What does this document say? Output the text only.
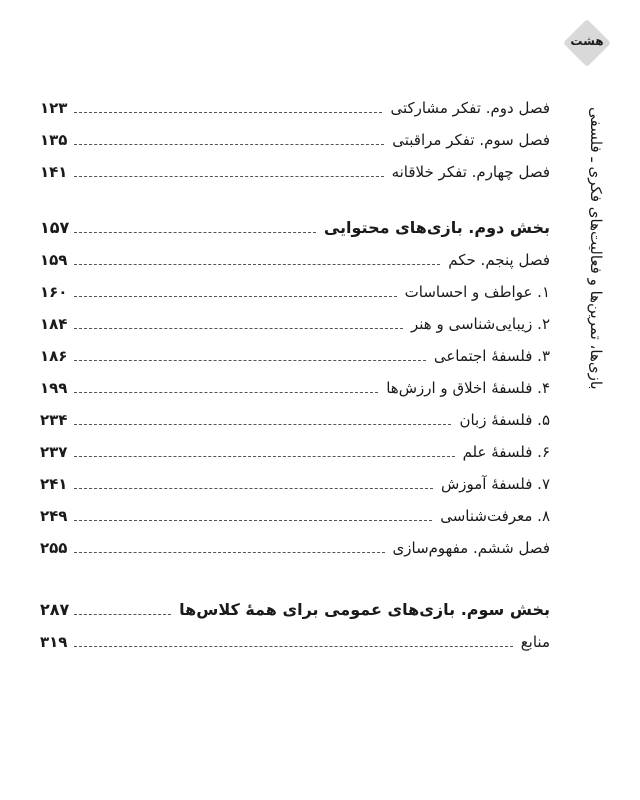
هشت
بازی‌ها، تمرین‌ها و فعالیت‌های فکری ـ فلسفی
فصل دوم. تفکر مشارکتی
۱۲۳
فصل سوم. تفکر مراقبتی
۱۳۵
فصل چهارم. تفکر خلاقانه
۱۴۱
بخش دوم. بازی‌های محتوایی
۱۵۷
فصل پنجم. حکم
۱۵۹
۱. عواطف و احساسات
۱۶۰
۲. زیبایی‌شناسی و هنر
۱۸۴
۳. فلسفهٔ اجتماعی
۱۸۶
۴. فلسفهٔ اخلاق و ارزش‌ها
۱۹۹
۵. فلسفهٔ زبان
۲۳۴
۶. فلسفهٔ علم
۲۳۷
۷. فلسفهٔ آموزش
۲۴۱
۸. معرفت‌شناسی
۲۴۹
فصل ششم. مفهوم‌سازی
۲۵۵
بخش سوم. بازی‌های عمومی برای همهٔ کلاس‌ها
۲۸۷
منابع
۳۱۹
